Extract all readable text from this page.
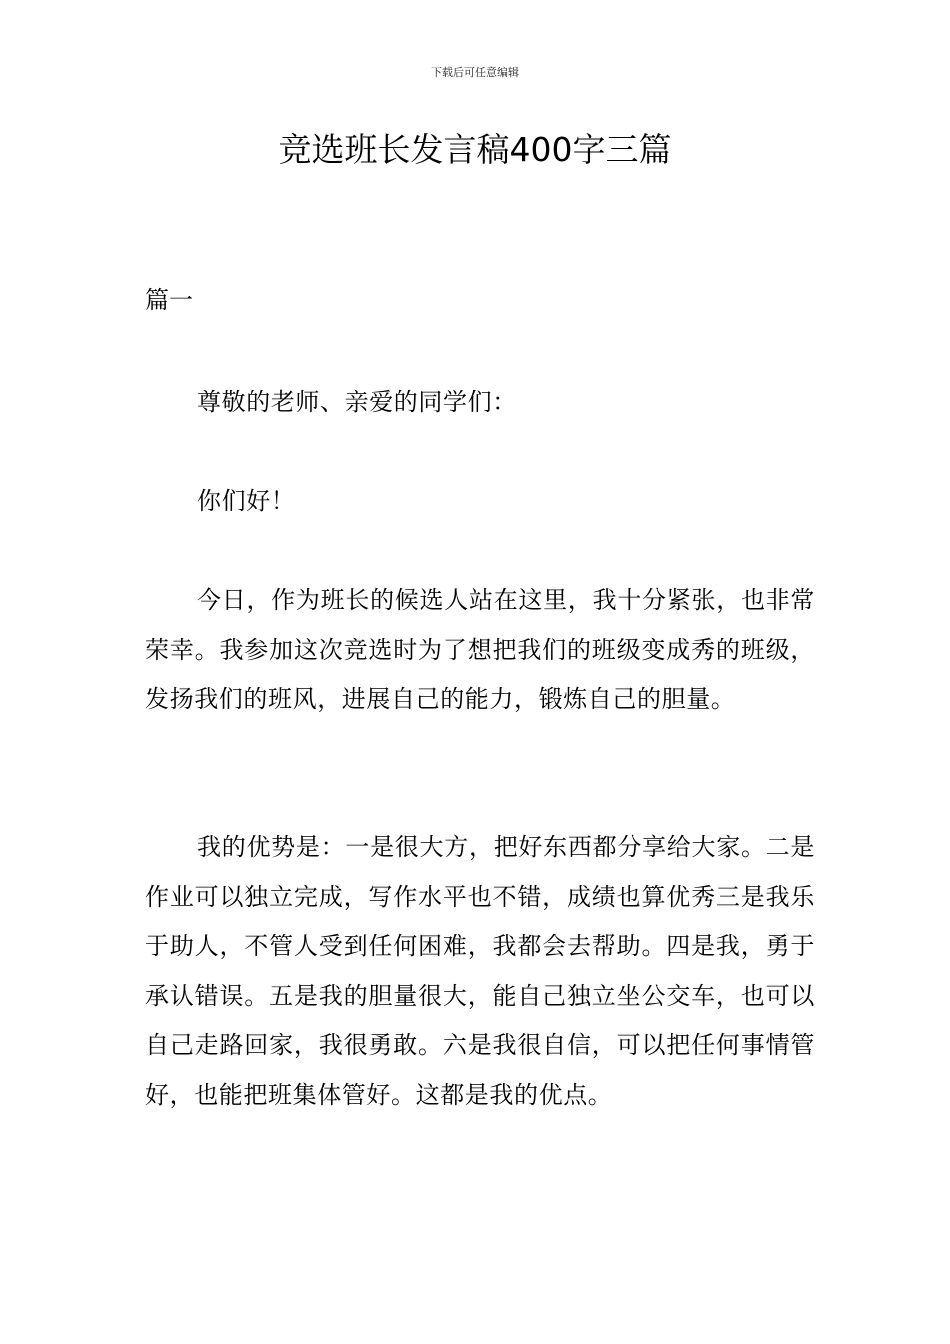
下载后可任意编辑
竞选班长发言稿400字三篇
篇一

尊敬的老师、亲爱的同学们：

你们好！

今日，作为班长的候选人站在这里，我十分紧张，也非常荣幸。我参加这次竞选时为了想把我们的班级变成秀的班级，发扬我们的班风，进展自己的能力，锻炼自己的胆量。

我的优势是：一是很大方，把好东西都分享给大家。二是作业可以独立完成，写作水平也不错，成绩也算优秀三是我乐于助人，不管人受到任何困难，我都会去帮助。四是我，勇于承认错误。五是我的胆量很大，能自己独立坐公交车，也可以自己走路回家，我很勇敢。六是我很自信，可以把任何事情管好，也能把班集体管好。这都是我的优点。
